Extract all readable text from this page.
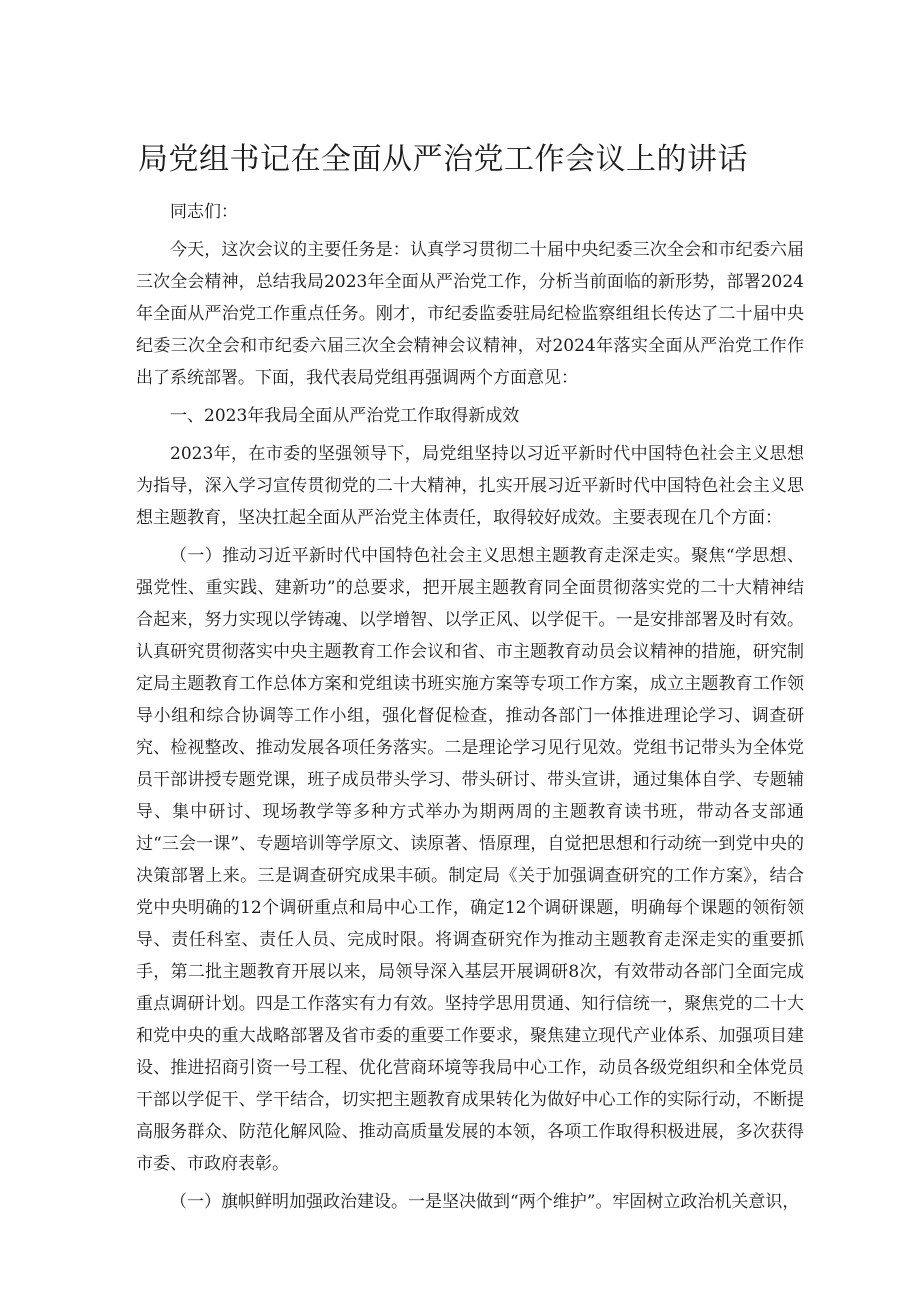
局党组书记在全面从严治党工作会议上的讲话

同志们：

今天，这次会议的主要任务是：认真学习贯彻二十届中央纪委三次全会和市纪委六届三次全会精神，总结我局2023年全面从严治党工作，分析当前面临的新形势，部署2024年全面从严治党工作重点任务。刚才，市纪委监委驻局纪检监察组组长传达了二十届中央纪委三次全会和市纪委六届三次全会精神会议精神，对2024年落实全面从严治党工作作出了系统部署。下面，我代表局党组再强调两个方面意见：

一、2023年我局全面从严治党工作取得新成效

2023年，在市委的坚强领导下，局党组坚持以习近平新时代中国特色社会主义思想为指导，深入学习宣传贯彻党的二十大精神，扎实开展习近平新时代中国特色社会主义思想主题教育，坚决扛起全面从严治党主体责任，取得较好成效。主要表现在几个方面：

（一）推动习近平新时代中国特色社会主义思想主题教育走深走实。聚焦“学思想、强党性、重实践、建新功”的总要求，把开展主题教育同全面贯彻落实党的二十大精神结合起来，努力实现以学铸魂、以学增智、以学正风、以学促干。一是安排部署及时有效。认真研究贯彻落实中央主题教育工作会议和省、市主题教育动员会议精神的措施，研究制定局主题教育工作总体方案和党组读书班实施方案等专项工作方案，成立主题教育工作领导小组和综合协调等工作小组，强化督促检查，推动各部门一体推进理论学习、调查研究、检视整改、推动发展各项任务落实。二是理论学习见行见效。党组书记带头为全体党员干部讲授专题党课，班子成员带头学习、带头研讨、带头宣讲，通过集体自学、专题辅导、集中研讨、现场教学等多种方式举办为期两周的主题教育读书班，带动各支部通过“三会一课”、专题培训等学原文、读原著、悟原理，自觉把思想和行动统一到党中央的决策部署上来。三是调查研究成果丰硕。制定局《关于加强调查研究的工作方案》，结合党中央明确的12个调研重点和局中心工作，确定12个调研课题，明确每个课题的领衔领导、责任科室、责任人员、完成时限。将调查研究作为推动主题教育走深走实的重要抓手，第二批主题教育开展以来，局领导深入基层开展调研8次，有效带动各部门全面完成重点调研计划。四是工作落实有力有效。坚持学思用贯通、知行信统一，聚焦党的二十大和党中央的重大战略部署及省市委的重要工作要求，聚焦建立现代产业体系、加强项目建设、推进招商引资一号工程、优化营商环境等我局中心工作，动员各级党组织和全体党员干部以学促干、学干结合，切实把主题教育成果转化为做好中心工作的实际行动，不断提高服务群众、防范化解风险、推动高质量发展的本领，各项工作取得积极进展，多次获得市委、市政府表彰。

（一）旗帜鲜明加强政治建设。一是坚决做到“两个维护”。牢固树立政治机关意识，
